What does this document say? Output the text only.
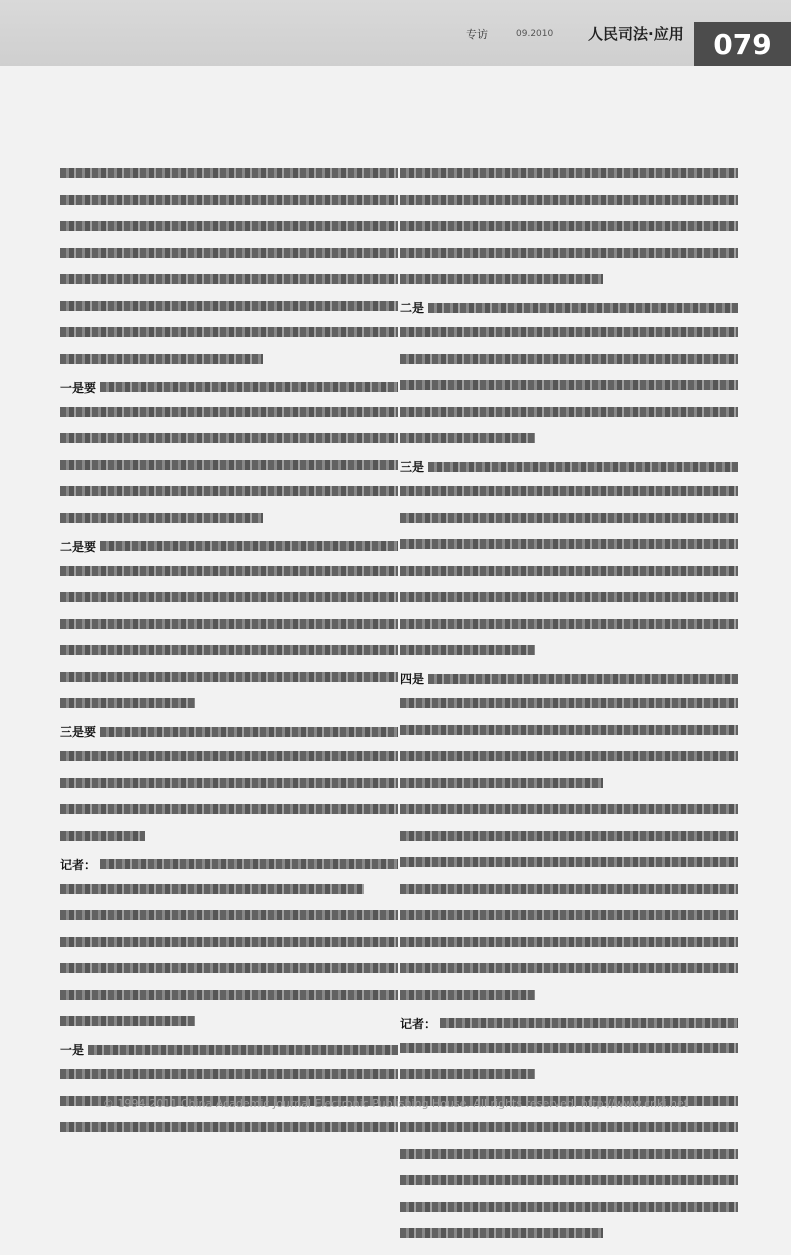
专访	09.2010 人民司法·应用	079
一是要
二是要
三是要
记者：
一是
二是
三是
四是
记者：
© 1994-2011 China Academic Journal Electronic Publishing House. All rights reserved. http://www.cnki.net
